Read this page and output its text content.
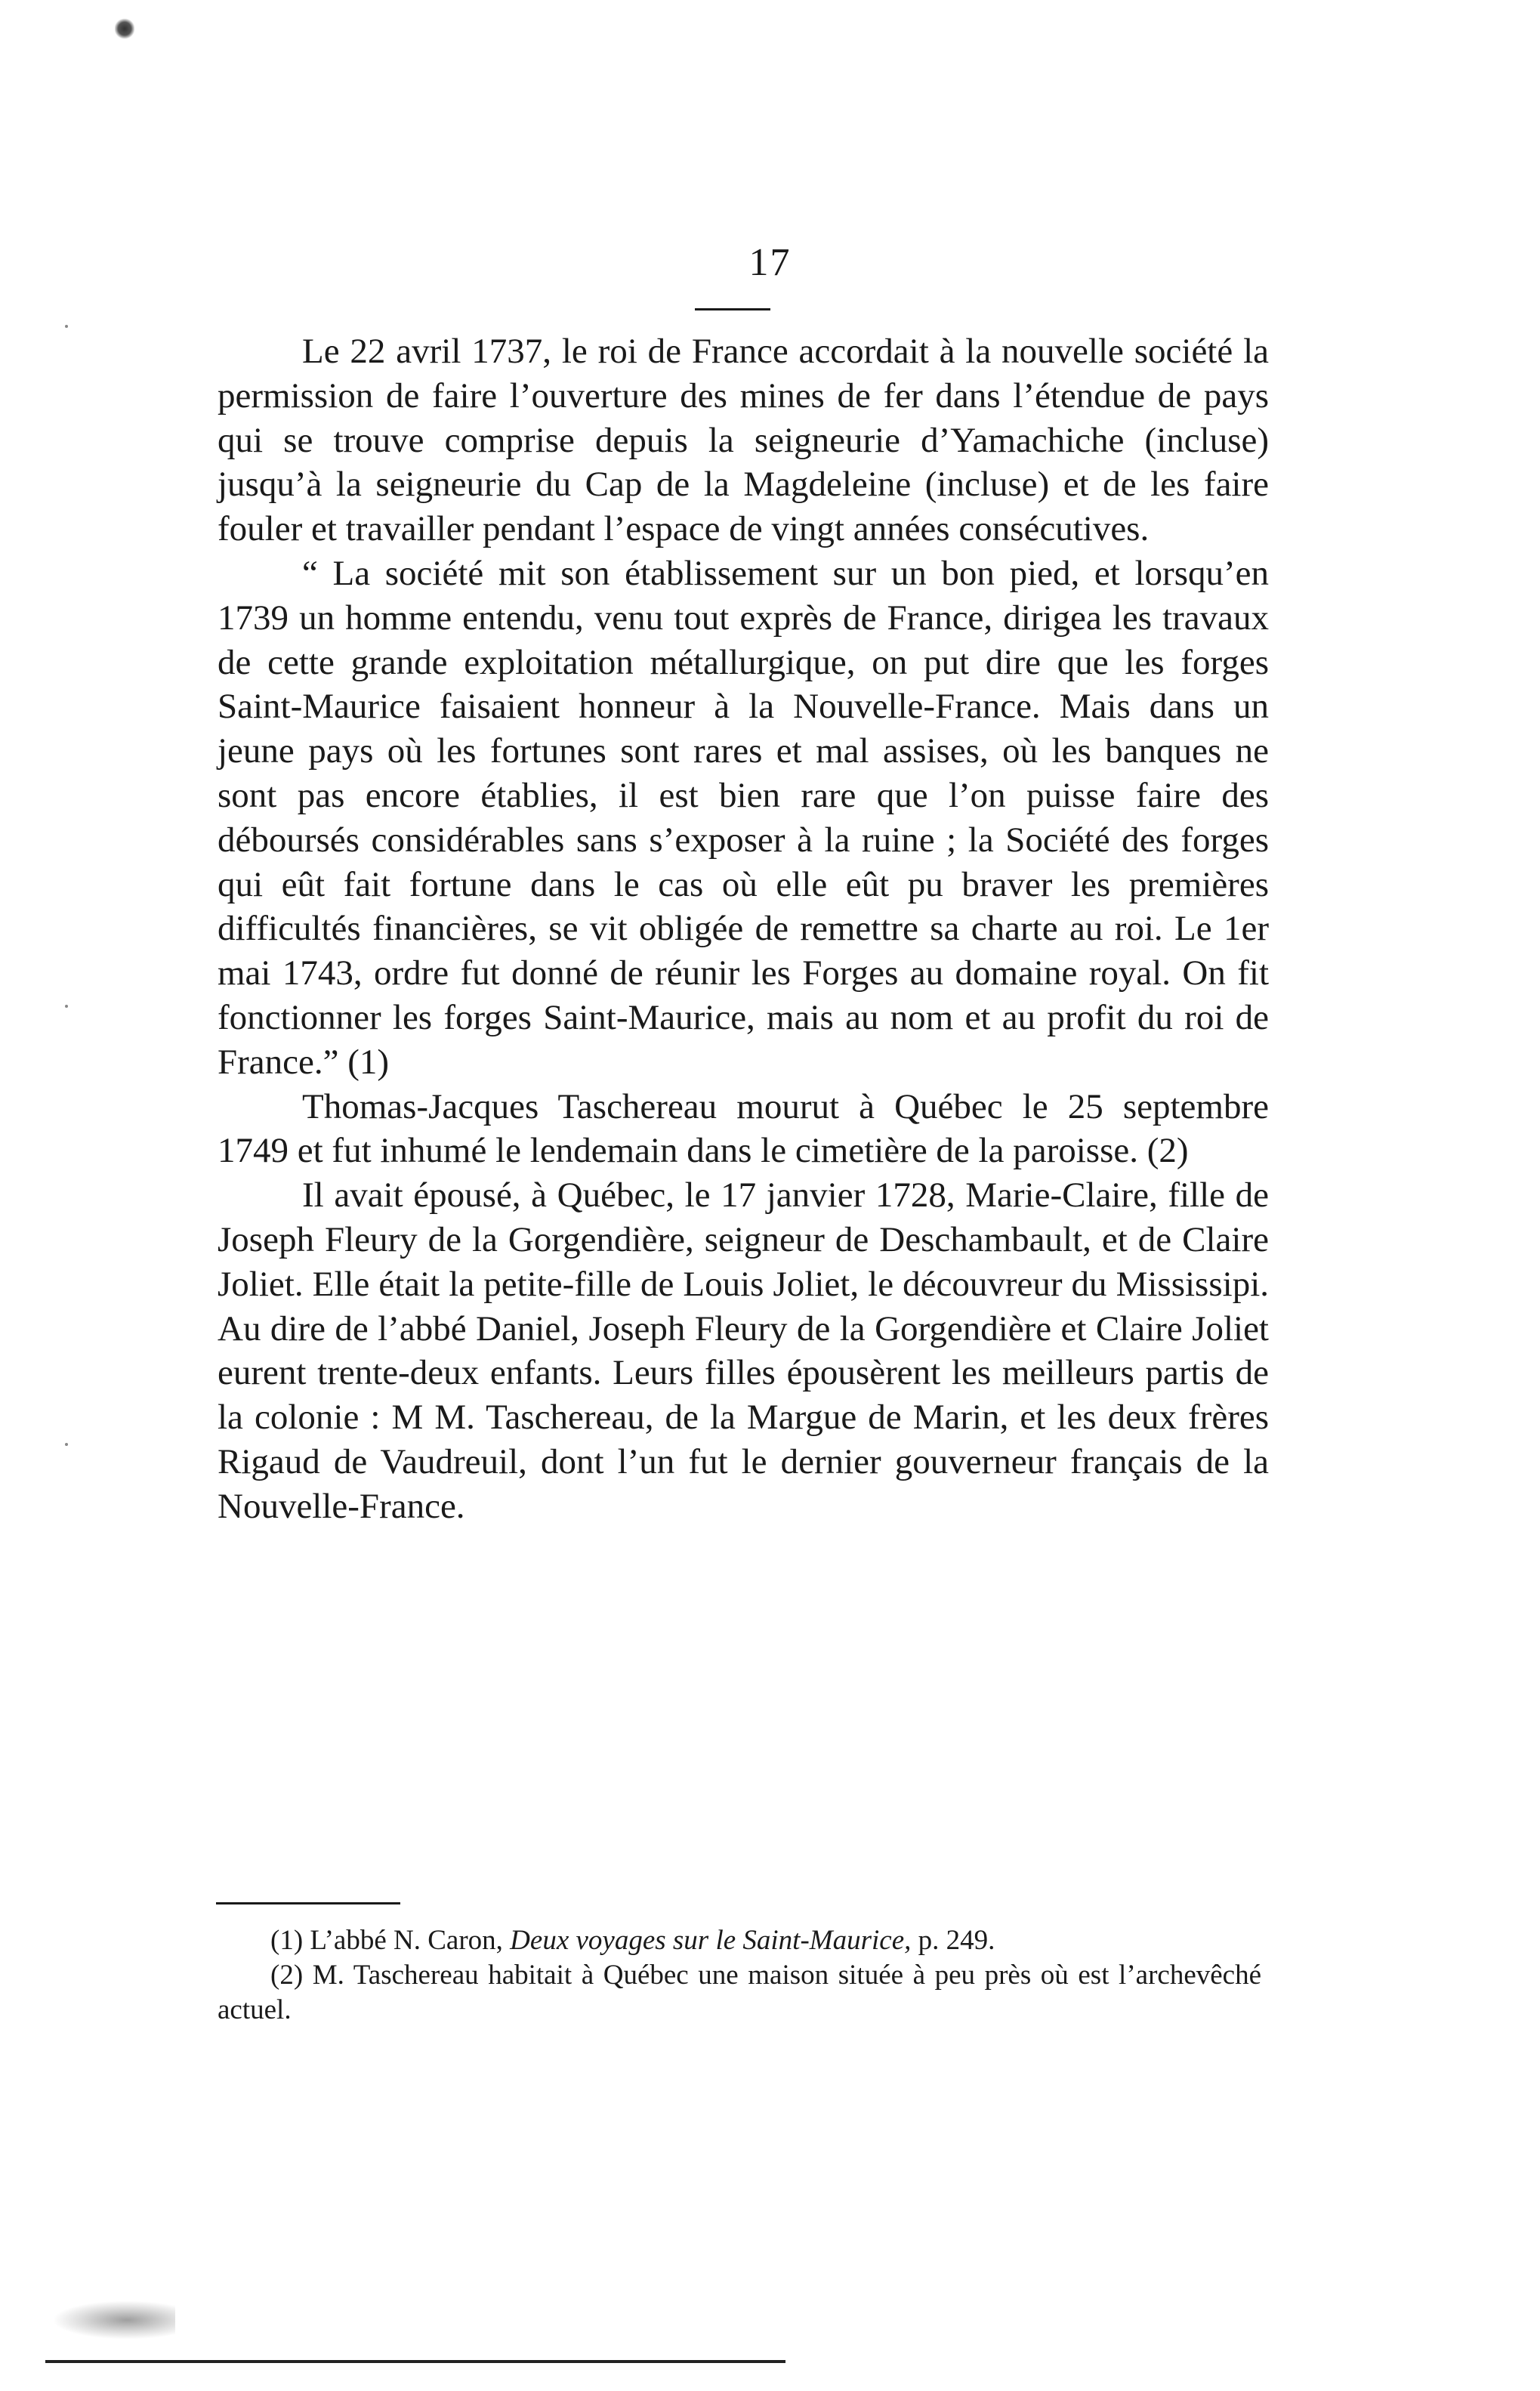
17

Le 22 avril 1737, le roi de France accordait à la nouvelle société la permission de faire l’ouverture des mines de fer dans l’étendue de pays qui se trouve comprise depuis la seigneurie d’Yamachiche (incluse) jusqu’à la seigneurie du Cap de la Magdeleine (incluse) et de les faire fouler et travailler pendant l’espace de vingt années consécutives.

“ La société mit son établissement sur un bon pied, et lorsqu’en 1739 un homme entendu, venu tout exprès de France, dirigea les travaux de cette grande exploitation métallurgique, on put dire que les forges Saint-Maurice faisaient honneur à la Nouvelle-France. Mais dans un jeune pays où les fortunes sont rares et mal assises, où les banques ne sont pas encore établies, il est bien rare que l’on puisse faire des déboursés considérables sans s’exposer à la ruine ; la Société des forges qui eût fait fortune dans le cas où elle eût pu braver les premières difficultés financières, se vit obligée de remettre sa charte au roi. Le 1er mai 1743, ordre fut donné de réunir les Forges au domaine royal. On fit fonctionner les forges Saint-Maurice, mais au nom et au profit du roi de France.” (1)

Thomas-Jacques Taschereau mourut à Québec le 25 septembre 1749 et fut inhumé le lendemain dans le cimetière de la paroisse. (2)

Il avait épousé, à Québec, le 17 janvier 1728, Marie-Claire, fille de Joseph Fleury de la Gorgendière, seigneur de Deschambault, et de Claire Joliet. Elle était la petite-fille de Louis Joliet, le découvreur du Mississipi. Au dire de l’abbé Daniel, Joseph Fleury de la Gorgendière et Claire Joliet eurent trente-deux enfants. Leurs filles épousèrent les meilleurs partis de la colonie : M M. Taschereau, de la Margue de Marin, et les deux frères Rigaud de Vaudreuil, dont l’un fut le dernier gouverneur français de la Nouvelle-France.

(1) L’abbé N. Caron, Deux voyages sur le Saint-Maurice, p. 249.

(2) M. Taschereau habitait à Québec une maison située à peu près où est l’archevêché actuel.
